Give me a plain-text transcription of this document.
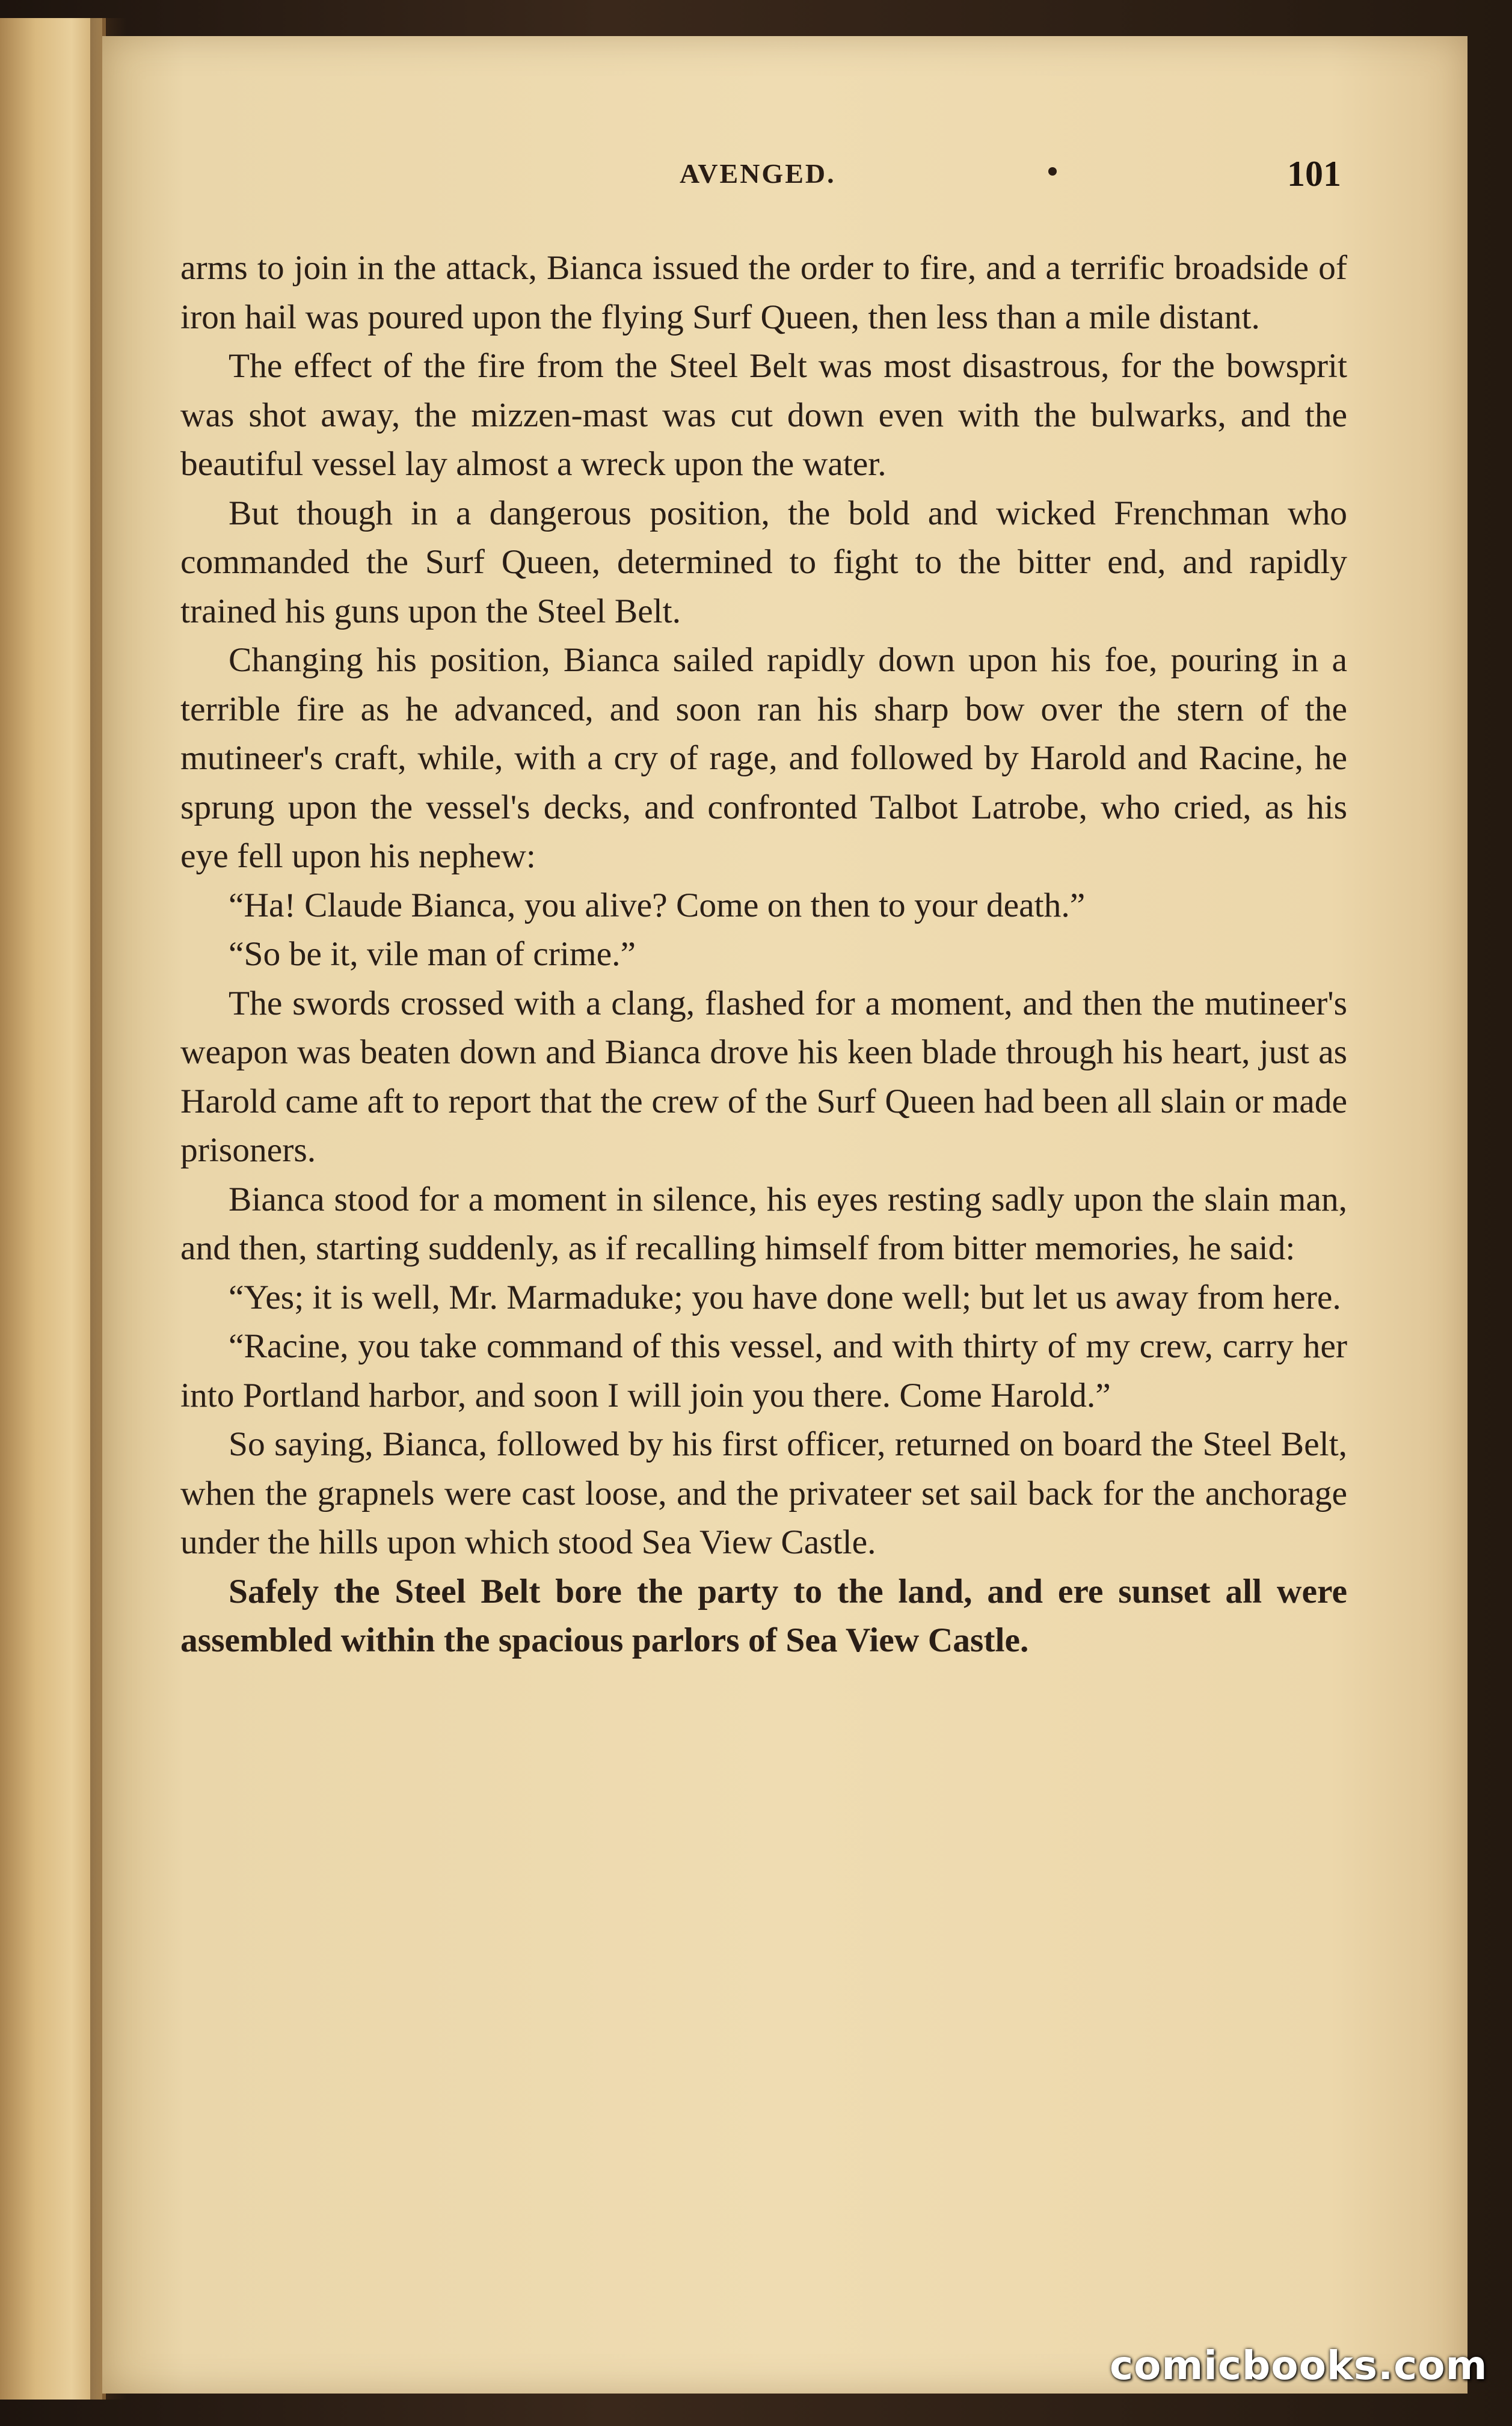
AVENGED.	101

arms to join in the attack, Bianca issued the order to fire, and a terrific broadside of iron hail was poured upon the flying Surf Queen, then less than a mile distant.

The effect of the fire from the Steel Belt was most disastrous, for the bowsprit was shot away, the mizzen-mast was cut down even with the bulwarks, and the beautiful vessel lay almost a wreck upon the water.

But though in a dangerous position, the bold and wicked Frenchman who commanded the Surf Queen, determined to fight to the bitter end, and rapidly trained his guns upon the Steel Belt.

Changing his position, Bianca sailed rapidly down upon his foe, pouring in a terrible fire as he advanced, and soon ran his sharp bow over the stern of the mutineer's craft, while, with a cry of rage, and followed by Harold and Racine, he sprung upon the vessel's decks, and confronted Talbot Latrobe, who cried, as his eye fell upon his nephew:

“Ha! Claude Bianca, you alive? Come on then to your death.”

“So be it, vile man of crime.”

The swords crossed with a clang, flashed for a moment, and then the mutineer's weapon was beaten down and Bianca drove his keen blade through his heart, just as Harold came aft to report that the crew of the Surf Queen had been all slain or made prisoners.

Bianca stood for a moment in silence, his eyes resting sadly upon the slain man, and then, starting suddenly, as if recalling himself from bitter memories, he said:

“Yes; it is well, Mr. Marmaduke; you have done well; but let us away from here.

“Racine, you take command of this vessel, and with thirty of my crew, carry her into Portland harbor, and soon I will join you there. Come Harold.”

So saying, Bianca, followed by his first officer, returned on board the Steel Belt, when the grapnels were cast loose, and the privateer set sail back for the anchorage under the hills upon which stood Sea View Castle.

Safely the Steel Belt bore the party to the land, and ere sunset all were assembled within the spacious parlors of Sea View Castle.

comicbooks.com
